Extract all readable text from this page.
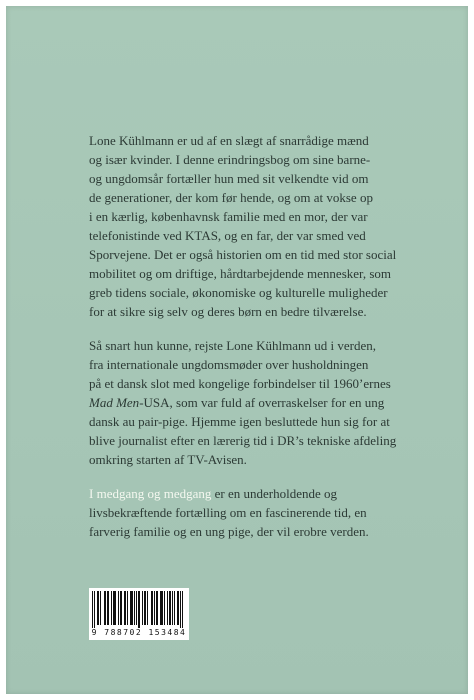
Lone Kühlmann er ud af en slægt af snarrådige mænd
og især kvinder. I denne erindringsbog om sine barne-
og ungdomsår fortæller hun med sit velkendte vid om
de generationer, der kom før hende, og om at vokse op
i en kærlig, københavnsk familie med en mor, der var
telefonistinde ved KTAS, og en far, der var smed ved
Sporvejene. Det er også historien om en tid med stor social
mobilitet og om driftige, hårdtarbejdende mennesker, som
greb tidens sociale, økonomiske og kulturelle muligheder
for at sikre sig selv og deres børn en bedre tilværelse.
Så snart hun kunne, rejste Lone Kühlmann ud i verden,
fra internationale ungdomsmøder over husholdningen
på et dansk slot med kongelige forbindelser til 1960’ernes
Mad Men-USA, som var fuld af overraskelser for en ung
dansk au pair-pige. Hjemme igen besluttede hun sig for at
blive journalist efter en lærerig tid i DR’s tekniske afdeling
omkring starten af TV-Avisen.
I medgang og medgang er en underholdende og
livsbekræftende fortælling om en fascinerende tid, en
farverig familie og en ung pige, der vil erobre verden.
9 788702 153484
